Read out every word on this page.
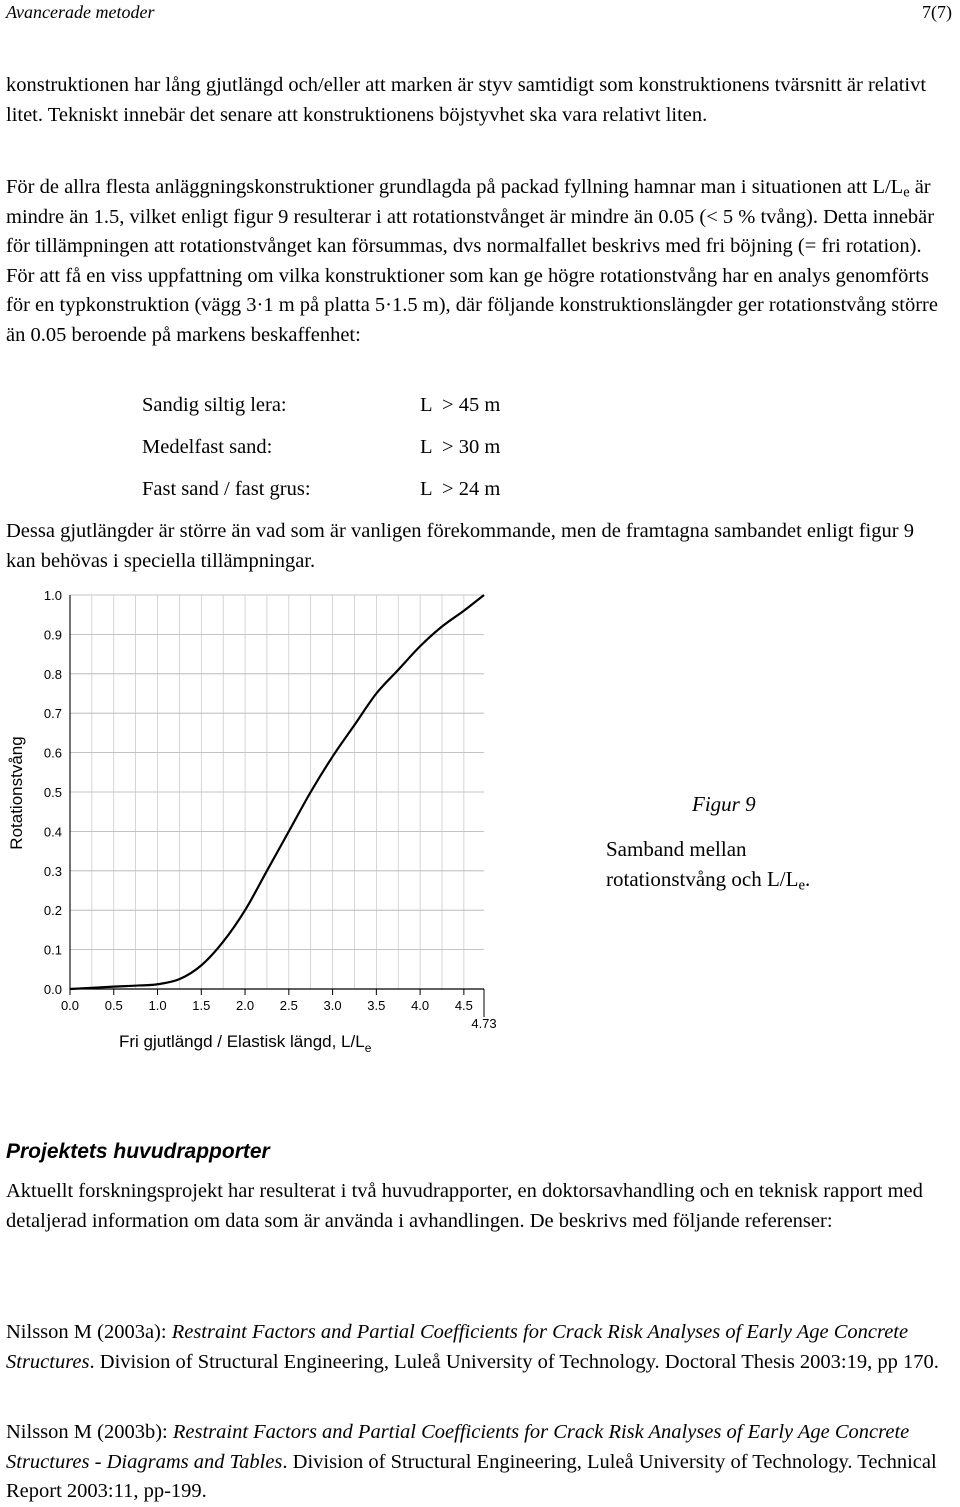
Avancerade metoder	7(7)
konstruktionen har lång gjutlängd och/eller att marken är styv samtidigt som konstruktionens tvärsnitt är relativt litet. Tekniskt innebär det senare att konstruktionens böjstyvhet ska vara relativt liten.
För de allra flesta anläggningskonstruktioner grundlagda på packad fyllning hamnar man i situationen att $L/L_e$ är mindre än 1.5, vilket enligt figur 9 resulterar i att rotationstvånget är mindre än 0.05 (< 5 % tvång). Detta innebär för tillämpningen att rotationstvånget kan försummas, dvs normalfallet beskrivs med fri böjning (= fri rotation). För att få en viss uppfattning om vilka konstruktioner som kan ge högre rotationstvång har en analys genomförts för en typkonstruktion (vägg 3·1 m på platta 5·1.5 m), där följande konstruktionslängder ger rotationstvång större än 0.05 beroende på markens beskaffenhet:
Sandig siltig lera:	L  > 45 m
Medelfast sand:	L  > 30 m
Fast sand / fast grus:	L  > 24 m
Dessa gjutlängder är större än vad som är vanligen förekommande, men de framtagna sambandet enligt figur 9 kan behövas i speciella tillämpningar.
0.0
0.1
0.2
0.3
0.4
0.5
0.6
0.7
0.8
0.9
1.0
0.0 0.5 1.0 1.5 2.0 2.5 3.0 3.5 4.0 4.5
4.73
Rotationstvång
Fri gjutlängd / Elastisk längd, $L/L_e$
Figur 9
Samband mellan
rotationstvång och $L/L_e$.
Projektets huvudrapporter
Aktuellt forskningsprojekt har resulterat i två huvudrapporter, en doktorsavhandling och en teknisk rapport med detaljerad information om data som är använda i avhandlingen. De beskrivs med följande referenser:
Nilsson M (2003a): Restraint Factors and Partial Coefficients for Crack Risk Analyses of Early Age Concrete Structures. Division of Structural Engineering, Luleå University of Technology. Doctoral Thesis 2003:19, pp 170.
Nilsson M (2003b): Restraint Factors and Partial Coefficients for Crack Risk Analyses of Early Age Concrete Structures - Diagrams and Tables. Division of Structural Engineering, Luleå University of Technology. Technical Report 2003:11, pp-199.
